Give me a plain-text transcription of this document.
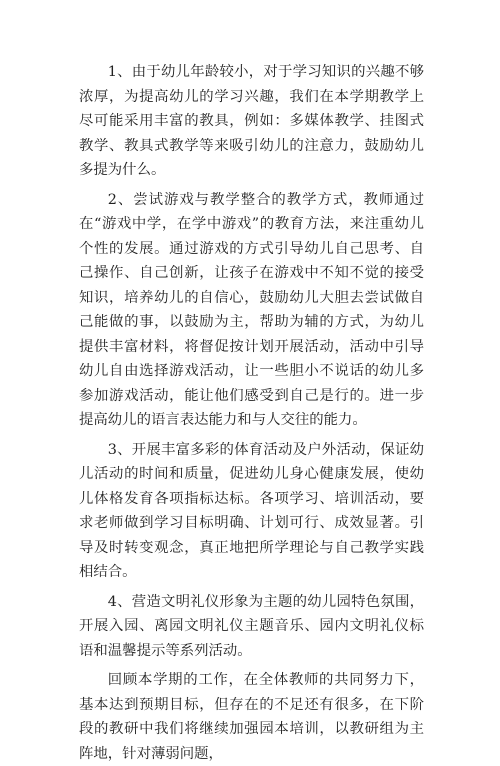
1、由于幼儿年龄较小，对于学习知识的兴趣不够浓厚，为提高幼儿的学习兴趣，我们在本学期教学上尽可能采用丰富的教具，例如：多媒体教学、挂图式教学、教具式教学等来吸引幼儿的注意力，鼓励幼儿多提为什么。

2、尝试游戏与教学整合的教学方式，教师通过在“游戏中学，在学中游戏”的教育方法，来注重幼儿个性的发展。通过游戏的方式引导幼儿自己思考、自己操作、自己创新，让孩子在游戏中不知不觉的接受知识，培养幼儿的自信心，鼓励幼儿大胆去尝试做自己能做的事，以鼓励为主，帮助为辅的方式，为幼儿提供丰富材料，将督促按计划开展活动，活动中引导幼儿自由选择游戏活动，让一些胆小不说话的幼儿多参加游戏活动，能让他们感受到自己是行的。进一步提高幼儿的语言表达能力和与人交往的能力。

3、开展丰富多彩的体育活动及户外活动，保证幼儿活动的时间和质量，促进幼儿身心健康发展，使幼儿体格发育各项指标达标。各项学习、培训活动，要求老师做到学习目标明确、计划可行、成效显著。引导及时转变观念，真正地把所学理论与自己教学实践相结合。

4、营造文明礼仪形象为主题的幼儿园特色氛围，开展入园、离园文明礼仪主题音乐、园内文明礼仪标语和温馨提示等系列活动。

回顾本学期的工作，在全体教师的共同努力下，基本达到预期目标，但存在的不足还有很多，在下阶段的教研中我们将继续加强园本培训，以教研组为主阵地，针对薄弱问题，
